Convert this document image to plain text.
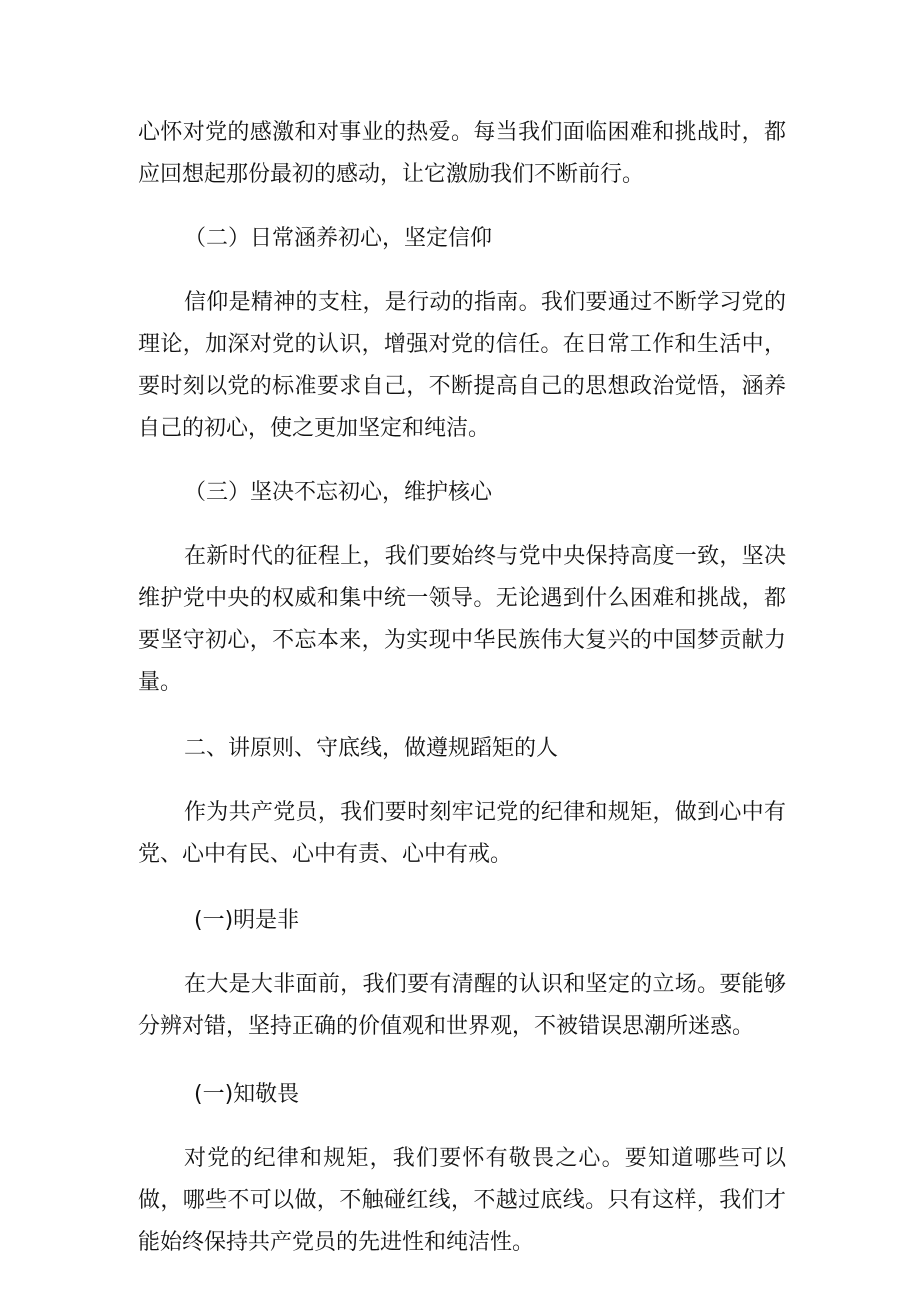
心怀对党的感激和对事业的热爱。每当我们面临困难和挑战时，都应回想起那份最初的感动，让它激励我们不断前行。

（二）日常涵养初心，坚定信仰

信仰是精神的支柱，是行动的指南。我们要通过不断学习党的理论，加深对党的认识，增强对党的信任。在日常工作和生活中，要时刻以党的标准要求自己，不断提高自己的思想政治觉悟，涵养自己的初心，使之更加坚定和纯洁。

（三）坚决不忘初心，维护核心

在新时代的征程上，我们要始终与党中央保持高度一致，坚决维护党中央的权威和集中统一领导。无论遇到什么困难和挑战，都要坚守初心，不忘本来，为实现中华民族伟大复兴的中国梦贡献力量。

二、讲原则、守底线，做遵规蹈矩的人

作为共产党员，我们要时刻牢记党的纪律和规矩，做到心中有党、心中有民、心中有责、心中有戒。

(一)明是非

在大是大非面前，我们要有清醒的认识和坚定的立场。要能够分辨对错，坚持正确的价值观和世界观，不被错误思潮所迷惑。

(一)知敬畏

对党的纪律和规矩，我们要怀有敬畏之心。要知道哪些可以做，哪些不可以做，不触碰红线，不越过底线。只有这样，我们才能始终保持共产党员的先进性和纯洁性。
